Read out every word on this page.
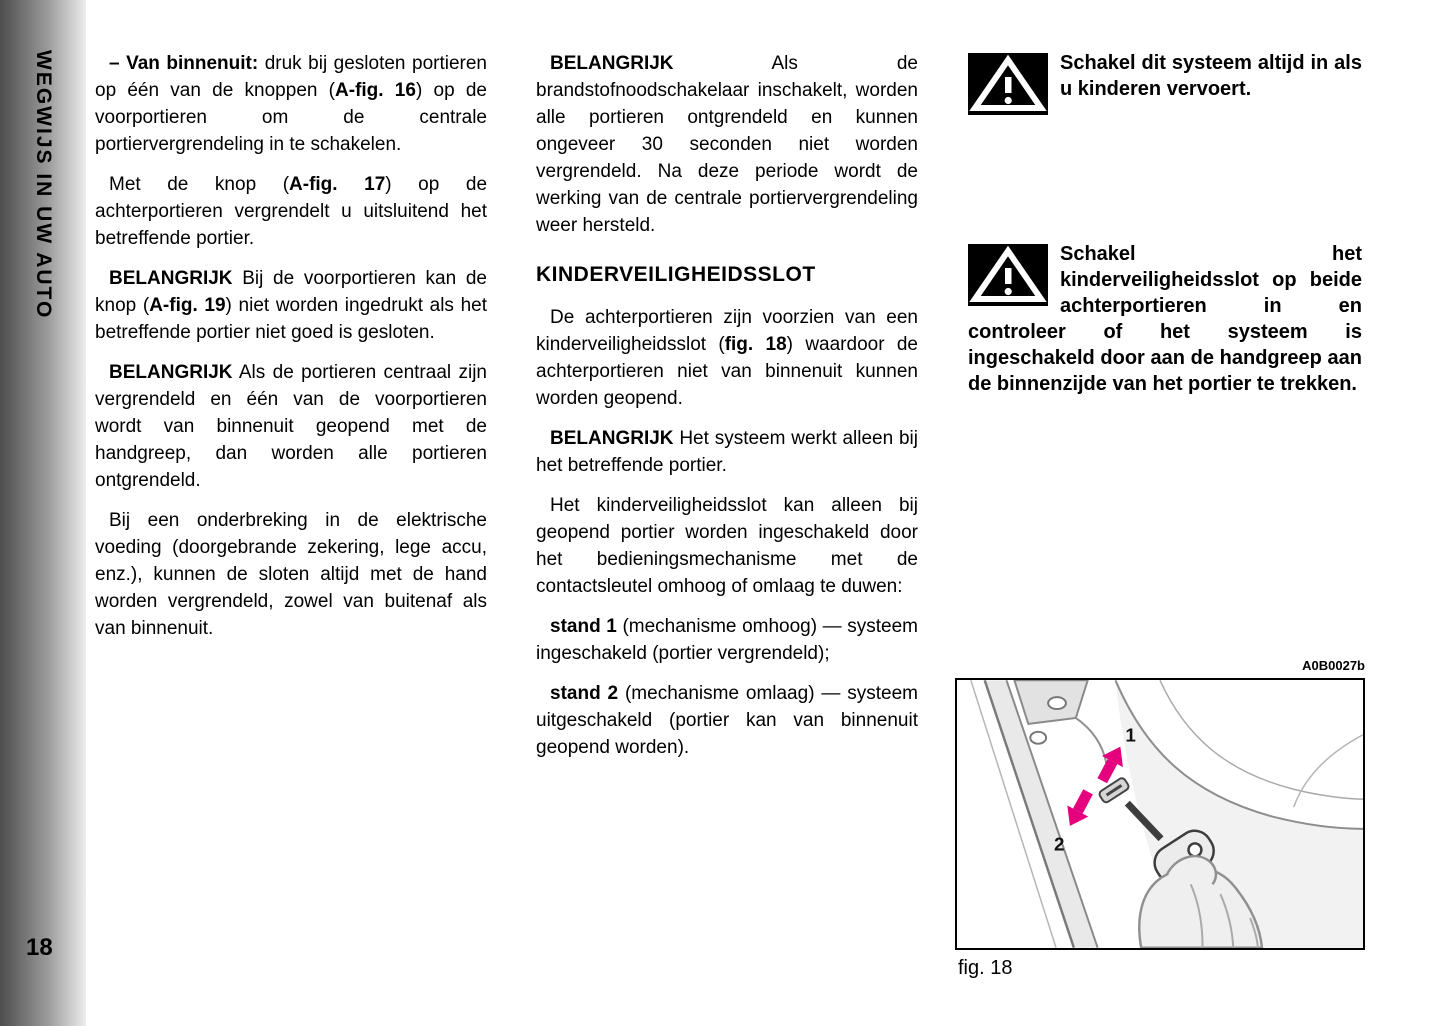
WEGWIJS IN UW AUTO
18

– Van binnenuit: druk bij gesloten portieren op één van de knoppen (A-fig. 16) op de voorportieren om de centrale portiervergrendeling in te schakelen.

Met de knop (A-fig. 17) op de achterportieren vergrendelt u uitsluitend het betreffende portier.

BELANGRIJK Bij de voorportieren kan de knop (A-fig. 19) niet worden ingedrukt als het betreffende portier niet goed is gesloten.

BELANGRIJK Als de portieren centraal zijn vergrendeld en één van de voorportieren wordt van binnenuit geopend met de handgreep, dan worden alle portieren ontgrendeld.

Bij een onderbreking in de elektrische voeding (doorgebrande zekering, lege accu, enz.), kunnen de sloten altijd met de hand worden vergrendeld, zowel van buitenaf als van binnenuit.

BELANGRIJK Als de brandstofnoodschakelaar inschakelt, worden alle portieren ontgrendeld en kunnen ongeveer 30 seconden niet worden vergrendeld. Na deze periode wordt de werking van de centrale portiervergrendeling weer hersteld.

KINDERVEILIGHEIDSSLOT

De achterportieren zijn voorzien van een kinderveiligheidsslot (fig. 18) waardoor de achterportieren niet van binnenuit kunnen worden geopend.

BELANGRIJK Het systeem werkt alleen bij het betreffende portier.

Het kinderveiligheidsslot kan alleen bij geopend portier worden ingeschakeld door het bedieningsmechanisme met de contactsleutel omhoog of omlaag te duwen:

stand 1 (mechanisme omhoog) — systeem ingeschakeld (portier vergrendeld);

stand 2 (mechanisme omlaag) — systeem uitgeschakeld (portier kan van binnenuit geopend worden).

Schakel dit systeem altijd in als u kinderen vervoert.
Schakel het kinderveiligheidsslot op beide achterportieren in en controleer of het systeem is ingeschakeld door aan de handgreep aan de binnenzijde van het portier te trekken.
A0B0027b
1
2
fig. 18
